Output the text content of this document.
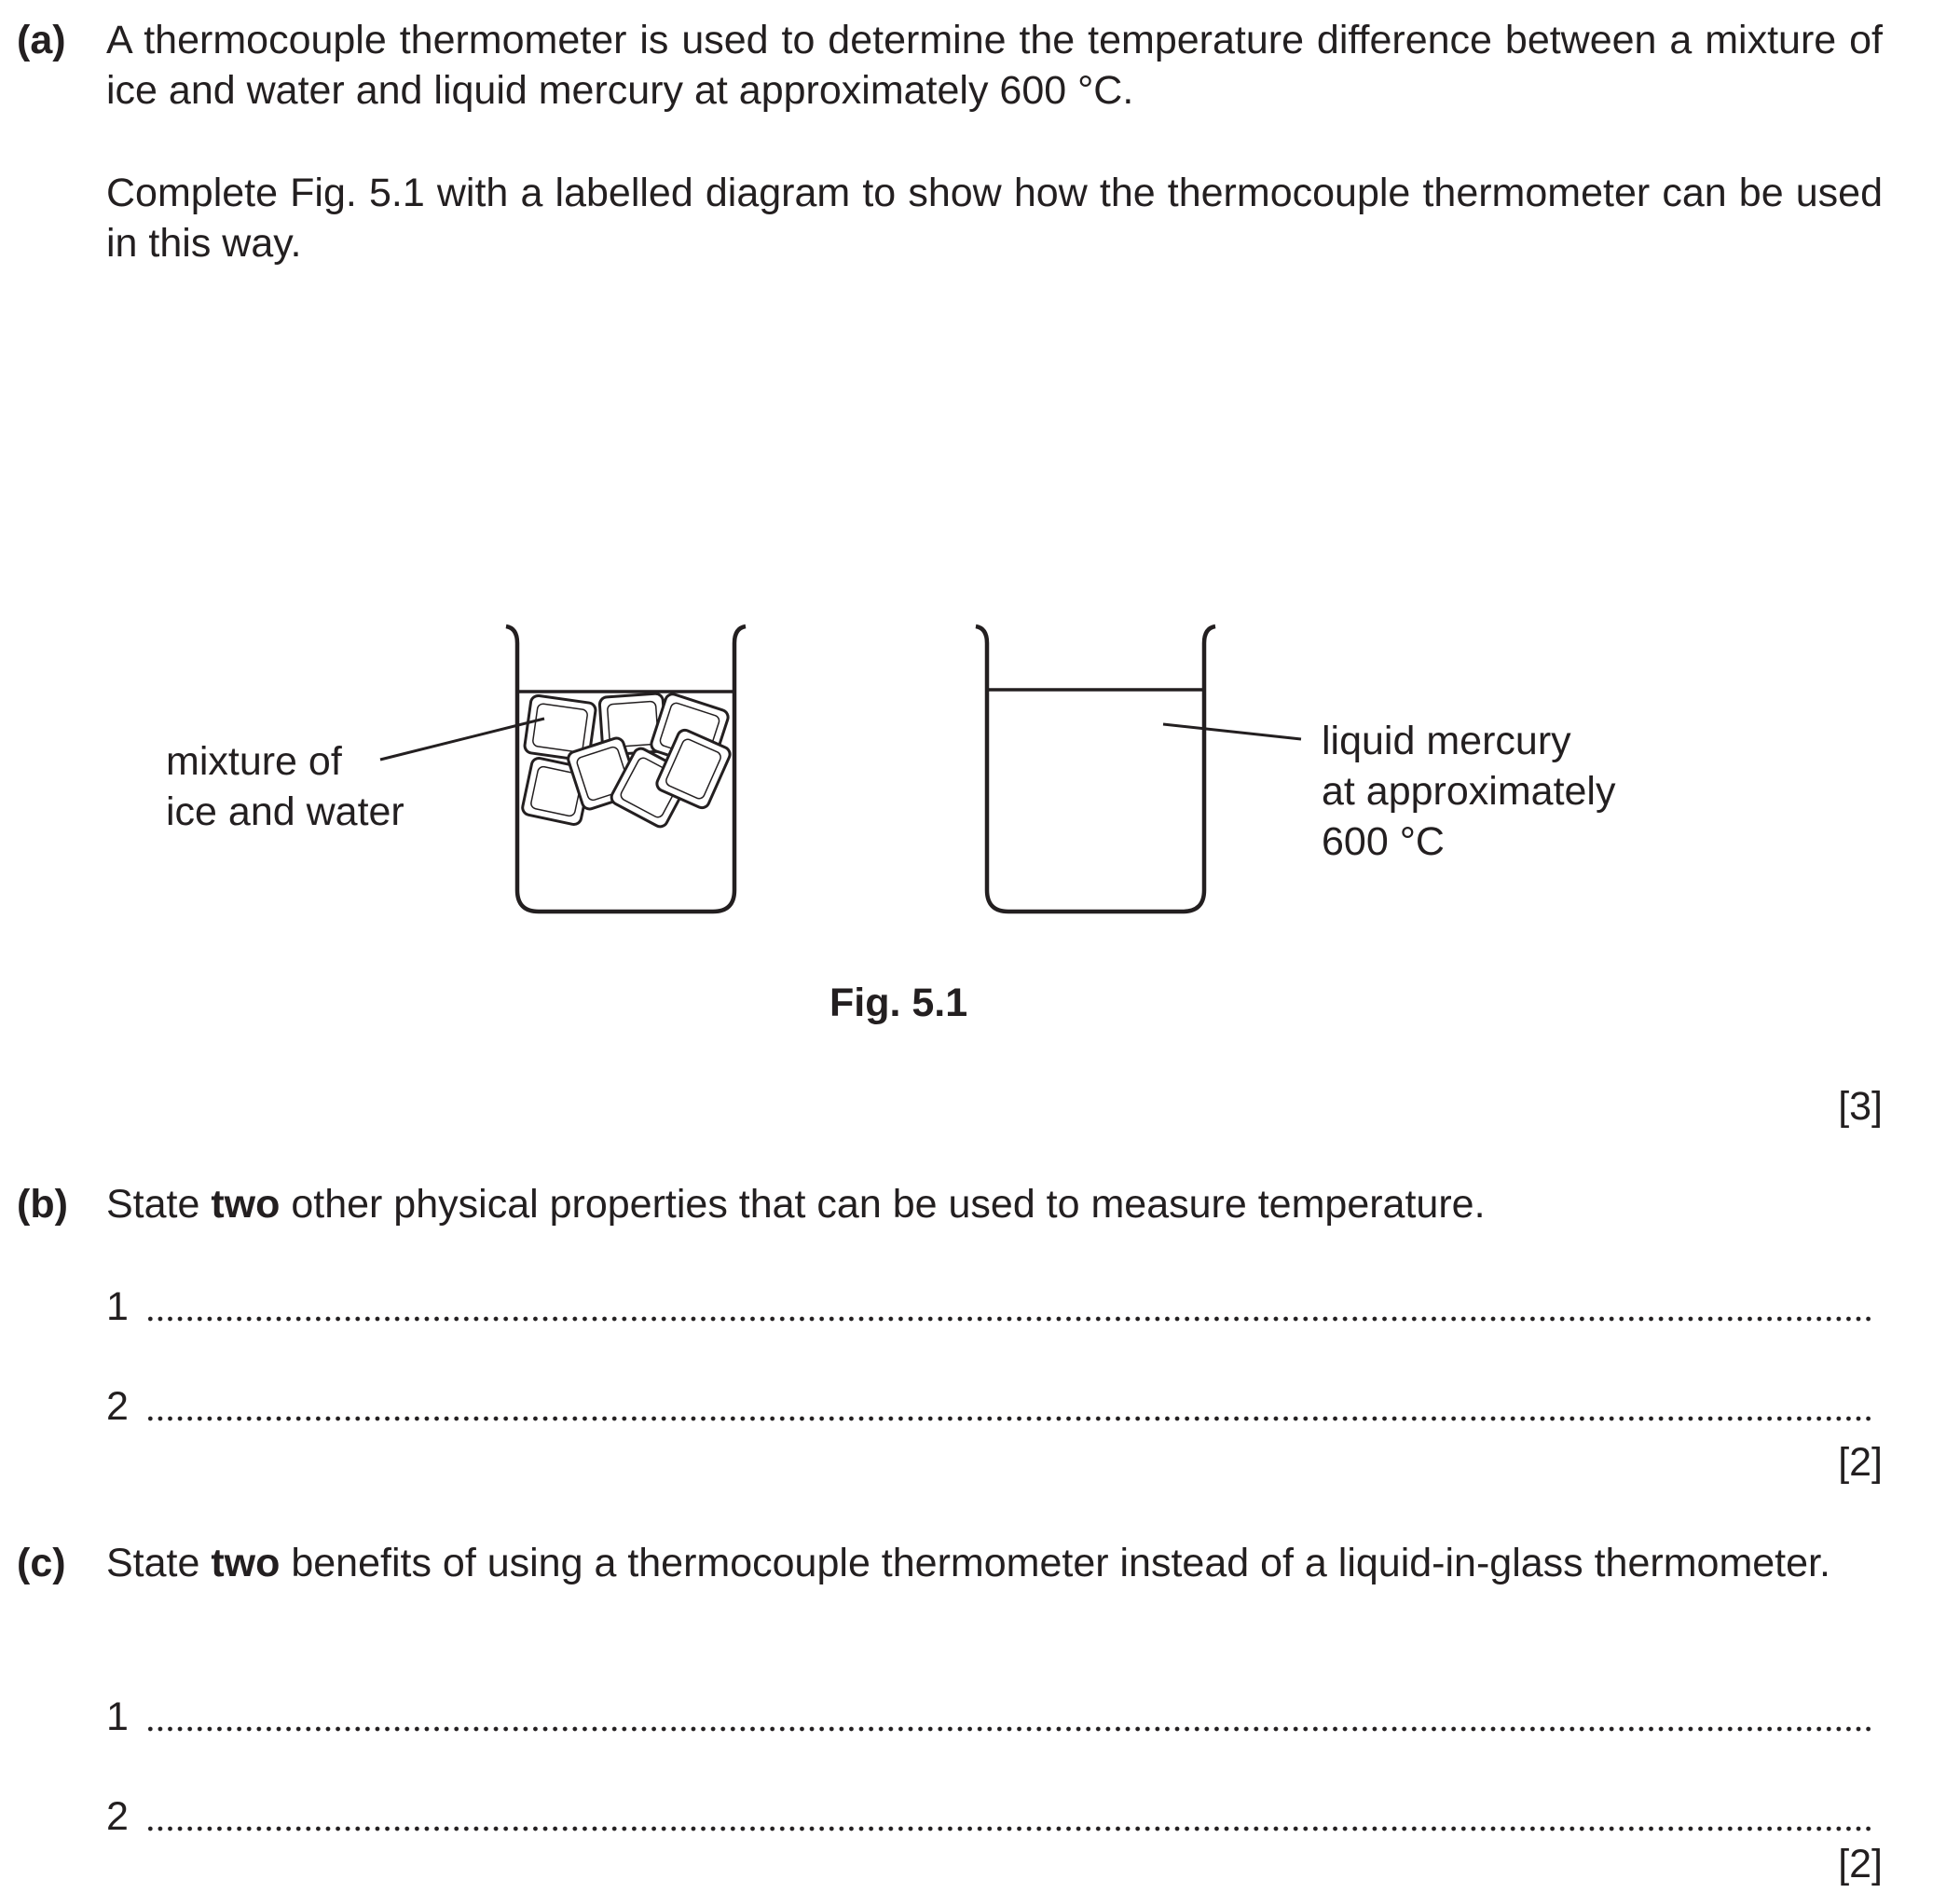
(a) A thermocouple thermometer is used to determine the temperature difference between a mixture of ice and water and liquid mercury at approximately 600 °C.
Complete Fig. 5.1 with a labelled diagram to show how the thermocouple thermometer can be used in this way.
mixture of
ice and water
liquid mercury
at approximately
600 °C
Fig. 5.1
[3]
(b) State two other physical properties that can be used to measure temperature.
1
2
[2]
(c) State two benefits of using a thermocouple thermometer instead of a liquid-in-glass thermometer.
1
2
[2]
